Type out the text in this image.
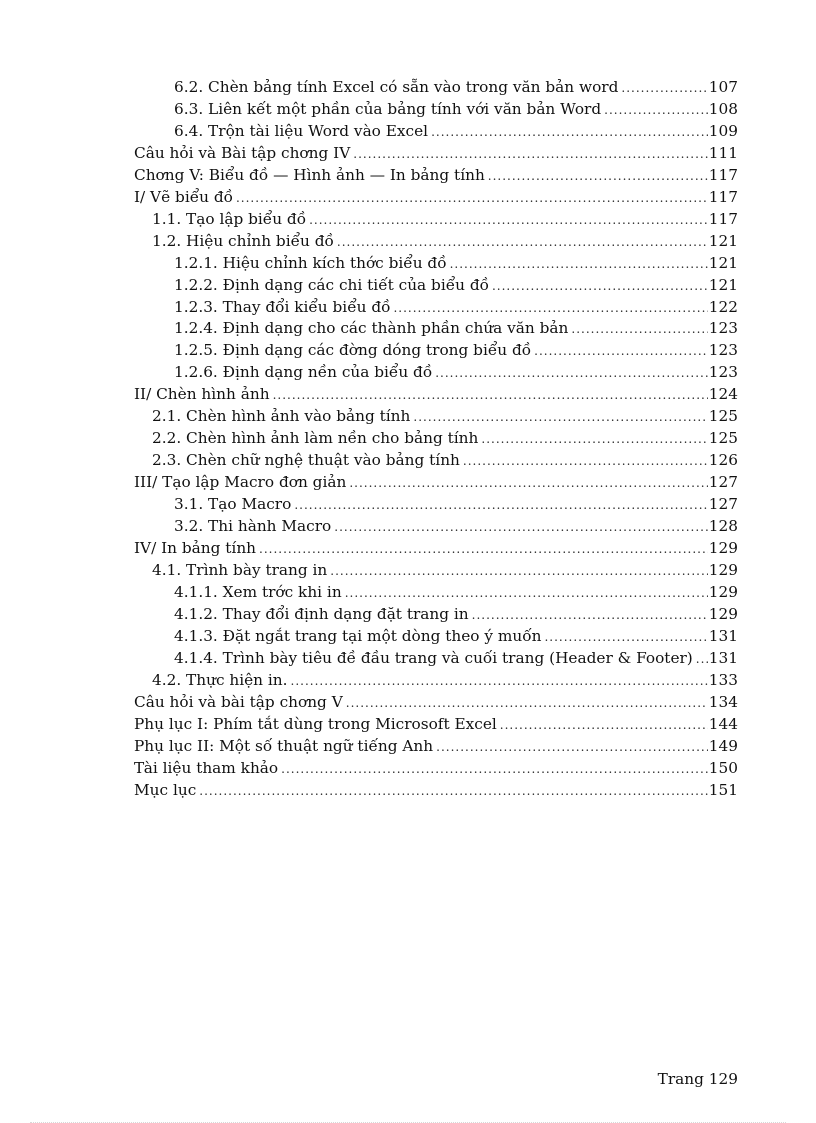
6.2. Chèn bảng tính Excel có sẵn vào trong văn bản word .....	107
6.3. Liên kết một phần của bảng tính với văn bản Word .....	108
6.4. Trộn tài liệu Word vào Excel .....	109
Câu hỏi và Bài tập chơng IV .....	111
Chơng V: Biểu đồ — Hình ảnh — In bảng tính .....	117
I/ Vẽ biểu đồ .....	117
1.1. Tạo lập biểu đồ .....	117
1.2. Hiệu chỉnh biểu đồ .....	121
1.2.1. Hiệu chỉnh kích thớc biểu đồ .....	121
1.2.2. Định dạng các chi tiết của biểu đồ .....	121
1.2.3. Thay đổi kiểu biểu đồ .....	122
1.2.4. Định dạng cho các thành phần chứa văn bản .....	123
1.2.5. Định dạng các đờng dóng trong biểu đồ .....	123
1.2.6. Định dạng nền của biểu đồ .....	123
II/ Chèn hình ảnh .....	124
2.1. Chèn hình ảnh vào bảng tính .....	125
2.2. Chèn hình ảnh làm nền cho bảng tính .....	125
2.3. Chèn chữ nghệ thuật vào bảng tính .....	126
III/ Tạo lập Macro đơn giản .....	127
3.1. Tạo Macro .....	127
3.2. Thi hành Macro .....	128
IV/ In bảng tính .....	129
4.1. Trình bày trang in .....	129
4.1.1. Xem trớc khi in .....	129
4.1.2. Thay đổi định dạng đặt trang in .....	129
4.1.3. Đặt ngắt trang tại một dòng theo ý muốn .....	131
4.1.4. Trình bày tiêu đề đầu trang và cuối trang (Header & Footer) ..... 131
4.2. Thực hiện in. .....	133
Câu hỏi và bài tập chơng V .....	134
Phụ lục I: Phím tắt dùng trong Microsoft Excel .....	144
Phụ lục II: Một số thuật ngữ tiếng Anh .....	149
Tài liệu tham khảo .....	150
Mục lục .....	151
Trang 129
